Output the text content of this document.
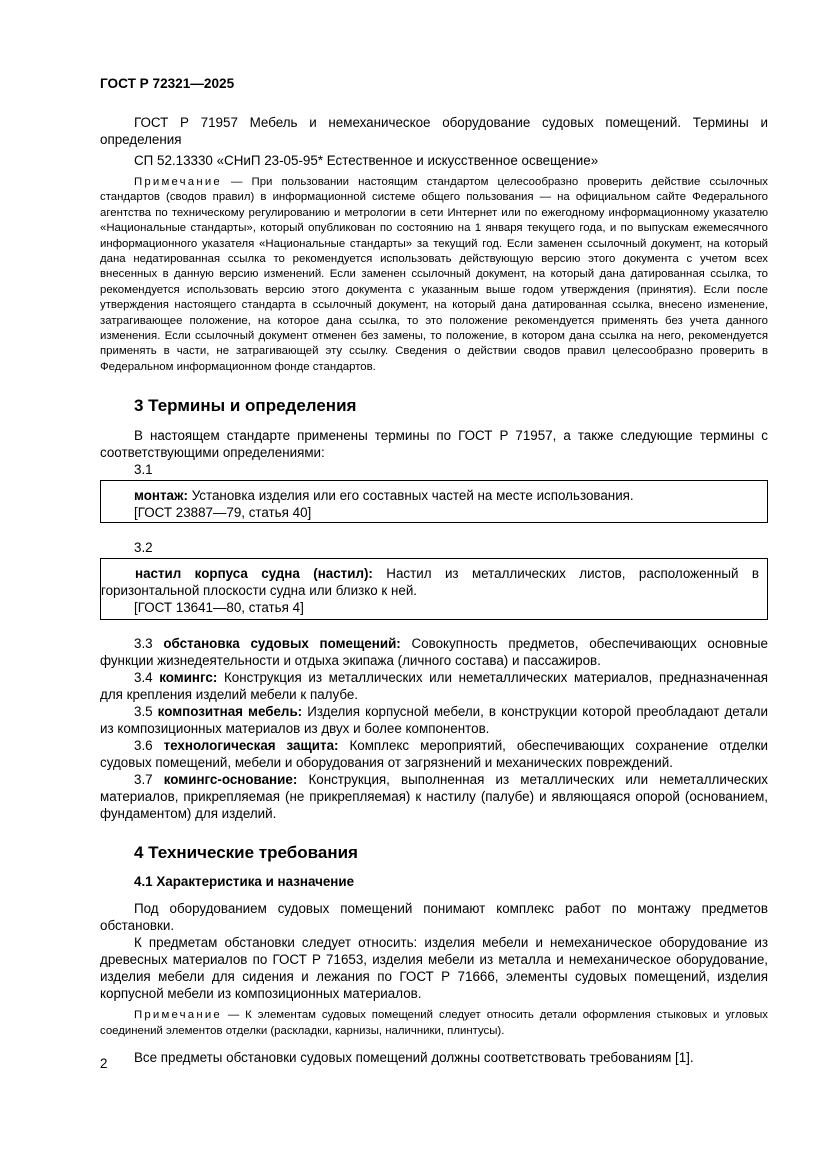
ГОСТ Р 72321—2025

ГОСТ Р 71957 Мебель и немеханическое оборудование судовых помещений. Термины и определения

СП 52.13330 «СНиП 23-05-95* Естественное и искусственное освещение»

Примечание — При пользовании настоящим стандартом целесообразно проверить действие ссылочных стандартов (сводов правил) в информационной системе общего пользования — на официальном сайте Федерального агентства по техническому регулированию и метрологии в сети Интернет или по ежегодному информационному указателю «Национальные стандарты», который опубликован по состоянию на 1 января текущего года, и по выпускам ежемесячного информационного указателя «Национальные стандарты» за текущий год. Если заменен ссылочный документ, на который дана недатированная ссылка то рекомендуется использовать действующую версию этого документа с учетом всех внесенных в данную версию изменений. Если заменен ссылочный документ, на который дана датированная ссылка, то рекомендуется использовать версию этого документа с указанным выше годом утверждения (принятия). Если после утверждения настоящего стандарта в ссылочный документ, на который дана датированная ссылка, внесено изменение, затрагивающее положение, на которое дана ссылка, то это положение рекомендуется применять без учета данного изменения. Если ссылочный документ отменен без замены, то положение, в котором дана ссылка на него, рекомендуется применять в части, не затрагивающей эту ссылку. Сведения о действии сводов правил целесообразно проверить в Федеральном информационном фонде стандартов.

3 Термины и определения

В настоящем стандарте применены термины по ГОСТ Р 71957, а также следующие термины с соответствующими определениями:

3.1

монтаж: Установка изделия или его составных частей на месте использования.

[ГОСТ 23887—79, статья 40]

3.2

настил корпуса судна (настил): Настил из металлических листов, расположенный в горизонтальной плоскости судна или близко к ней.

[ГОСТ 13641—80, статья 4]

3.3 обстановка судовых помещений: Совокупность предметов, обеспечивающих основные функции жизнедеятельности и отдыха экипажа (личного состава) и пассажиров.

3.4 комингс: Конструкция из металлических или неметаллических материалов, предназначенная для крепления изделий мебели к палубе.

3.5 композитная мебель: Изделия корпусной мебели, в конструкции которой преобладают детали из композиционных материалов из двух и более компонентов.

3.6 технологическая защита: Комплекс мероприятий, обеспечивающих сохранение отделки судовых помещений, мебели и оборудования от загрязнений и механических повреждений.

3.7 комингс-основание: Конструкция, выполненная из металлических или неметаллических материалов, прикрепляемая (не прикрепляемая) к настилу (палубе) и являющаяся опорой (основанием, фундаментом) для изделий.

4 Технические требования
4.1 Характеристика и назначение

Под оборудованием судовых помещений понимают комплекс работ по монтажу предметов обстановки.

К предметам обстановки следует относить: изделия мебели и немеханическое оборудование из древесных материалов по ГОСТ Р 71653, изделия мебели из металла и немеханическое оборудование, изделия мебели для сидения и лежания по ГОСТ Р 71666, элементы судовых помещений, изделия корпусной мебели из композиционных материалов.

Примечание — К элементам судовых помещений следует относить детали оформления стыковых и угловых соединений элементов отделки (раскладки, карнизы, наличники, плинтусы).

Все предметы обстановки судовых помещений должны соответствовать требованиям [1].

2
